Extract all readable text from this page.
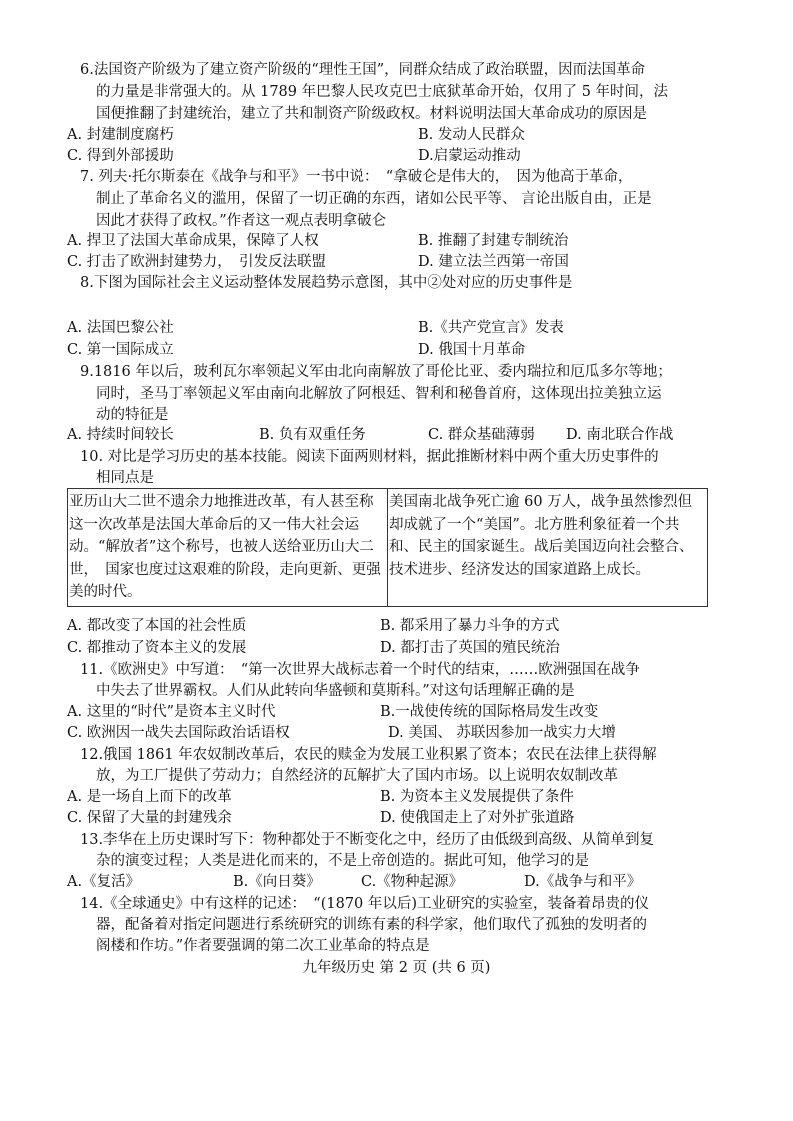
6.法国资产阶级为了建立资产阶级的“理性王国”，同群众结成了政治联盟，因而法国革命
的力量是非常强大的。从 1789 年巴黎人民攻克巴士底狱革命开始，仅用了 5 年时间，法
国便推翻了封建统治，建立了共和制资产阶级政权。材料说明法国大革命成功的原因是
A. 封建制度腐朽	B. 发动人民群众
C. 得到外部援助	D.启蒙运动推动
7. 列夫·托尔斯泰在《战争与和平》一书中说：　“拿破仑是伟大的，　因为他高于革命，
制止了革命名义的滥用，保留了一切正确的东西，诸如公民平等、 言论出版自由，正是
因此才获得了政权。”作者这一观点表明拿破仑
A. 捍卫了法国大革命成果，保障了人权	B. 推翻了封建专制统治
C. 打击了欧洲封建势力，　引发反法联盟	D. 建立法兰西第一帝国
8.下图为国际社会主义运动整体发展趋势示意图，其中②处对应的历史事件是
A. 法国巴黎公社	B.《共产党宣言》发表
C. 第一国际成立	D. 俄国十月革命
9.1816 年以后，玻利瓦尔率领起义军由北向南解放了哥伦比亚、委内瑞拉和厄瓜多尔等地；
同时，圣马丁率领起义军由南向北解放了阿根廷、智利和秘鲁首府，这体现出拉美独立运
动的特征是
A. 持续时间较长	B. 负有双重任务	C. 群众基础薄弱 D. 南北联合作战
10. 对比是学习历史的基本技能。阅读下面两则材料，据此推断材料中两个重大历史事件的
相同点是
亚历山大二世不遗余力地推进改革，有人甚至称这一次改革是法国大革命后的又一伟大社会运动。“解放者”这个称号，也被人送给亚历山大二世，　国家也度过这艰难的阶段，走向更新、更强美的时代。	美国南北战争死亡逾 60 万人，战争虽然惨烈但却成就了一个“美国”。北方胜利象征着一个共和、民主的国家诞生。战后美国迈向社会整合、技术进步、经济发达的国家道路上成长。
A. 都改变了本国的社会性质	B. 都采用了暴力斗争的方式
C. 都推动了资本主义的发展	D. 都打击了英国的殖民统治
11.《欧洲史》中写道：　“第一次世界大战标志着一个时代的结束，……欧洲强国在战争
中失去了世界霸权。人们从此转向华盛顿和莫斯科。”对这句话理解正确的是
A. 这里的“时代”是资本主义时代	B.一战使传统的国际格局发生改变
C. 欧洲因一战失去国际政治话语权	D. 美国、 苏联因参加一战实力大增
12.俄国 1861 年农奴制改革后，农民的赎金为发展工业积累了资本；农民在法律上获得解
放，为工厂提供了劳动力；自然经济的瓦解扩大了国内市场。以上说明农奴制改革
A. 是一场自上而下的改革	B. 为资本主义发展提供了条件
C. 保留了大量的封建残余	D. 使俄国走上了对外扩张道路
13.李华在上历史课时写下：物种都处于不断变化之中，经历了由低级到高级、从简单到复
杂的演变过程；人类是进化而来的，不是上帝创造的。据此可知，他学习的是
A.《复活》	B.《向日葵》	C.《物种起源》	D.《战争与和平》
14.《全球通史》中有这样的记述：　“(1870 年以后)工业研究的实验室，装备着昂贵的仪
器，配备着对指定问题进行系统研究的训练有素的科学家，他们取代了孤独的发明者的
阁楼和作坊。”作者要强调的第二次工业革命的特点是
九年级历史 第 2 页 (共 6 页)
